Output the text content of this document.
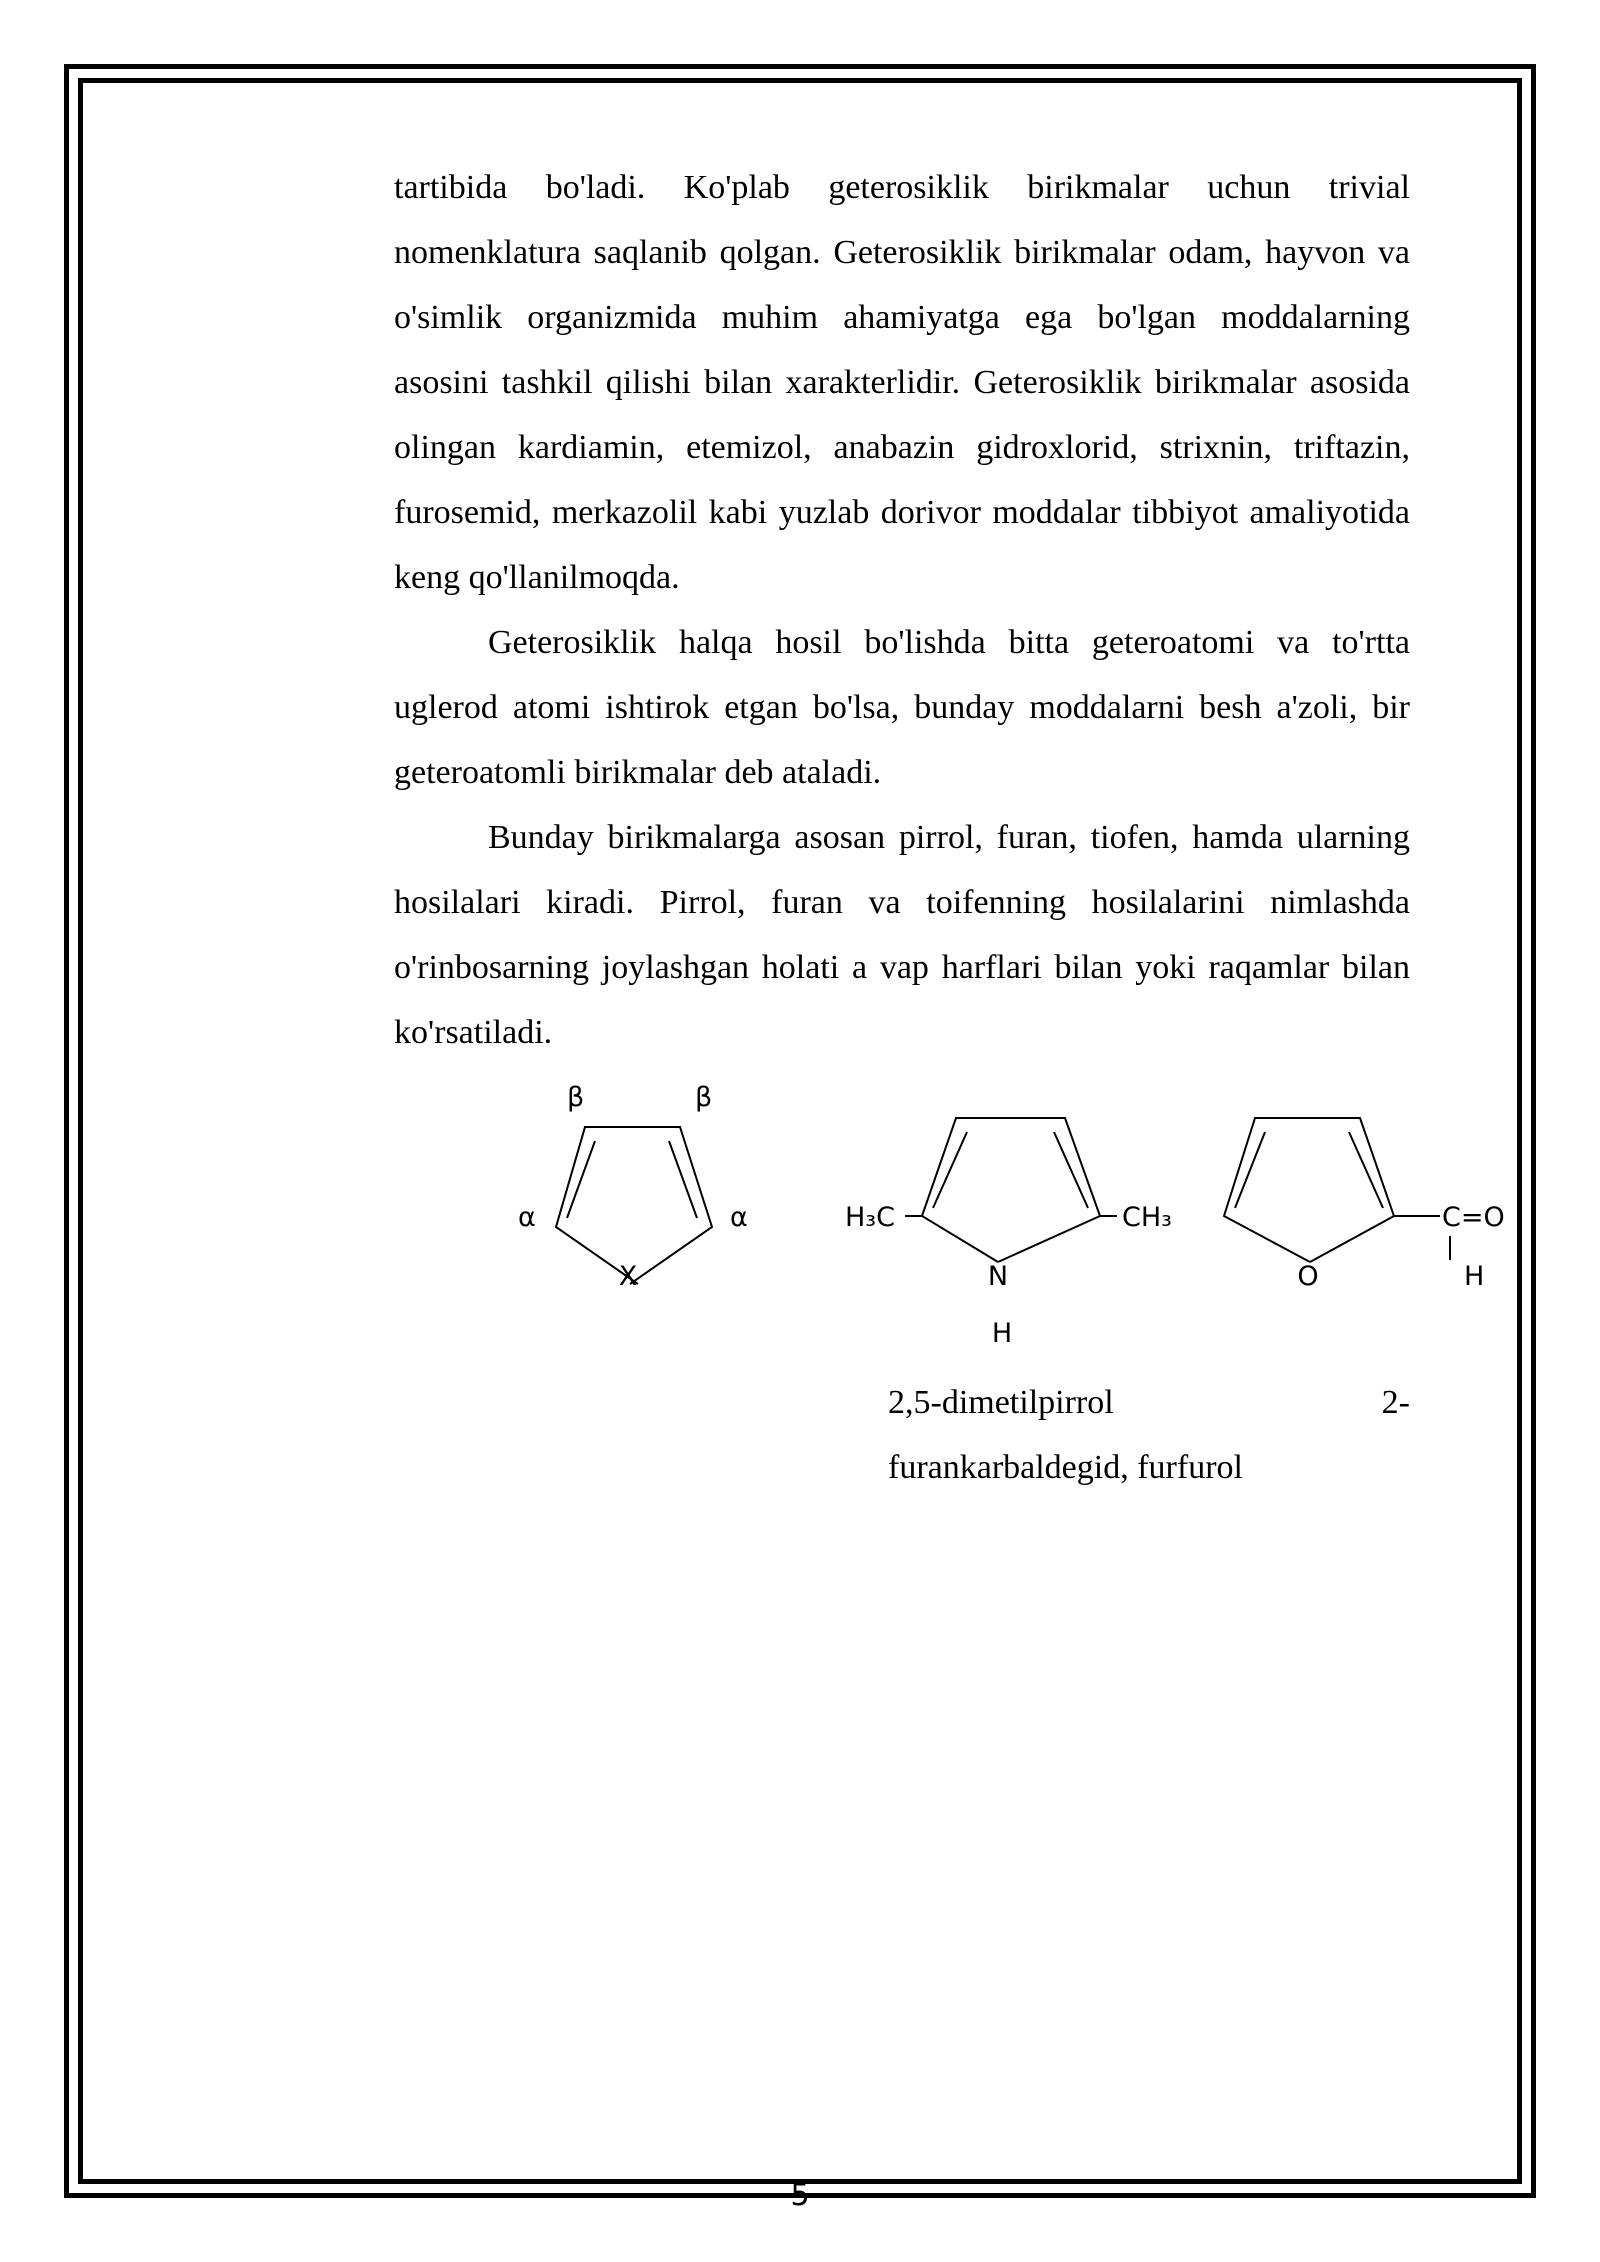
tartibida bo'ladi. Ko'plab geterosiklik birikmalar uchun trivial nomenklatura saqlanib qolgan. Geterosiklik birikmalar odam, hayvon va o'simlik organizmida muhim ahamiyatga ega bo'lgan moddalarning asosini tashkil qilishi bilan xarakterlidir. Geterosiklik birikmalar asosida olingan kardiamin, etemizol, anabazin gidroxlorid, strixnin, triftazin, furosemid, merkazolil kabi yuzlab dorivor moddalar tibbiyot amaliyotida keng qo'llanilmoqda.

Geterosiklik halqa hosil bo'lishda bitta geteroatomi va to'rtta uglerod atomi ishtirok etgan bo'lsa, bunday moddalarni besh a'zoli, bir geteroatomli birikmalar deb ataladi.

Bunday birikmalarga asosan pirrol, furan, tiofen, hamda ularning hosilalari kiradi. Pirrol, furan va toifenning hosilalarini nimlashda o'rinbosarning joylashgan holati a vap harflari bilan yoki raqamlar bilan ko'rsatiladi.

β	β
α	α
X
H₃C	CH₃
N
H
O
C=O
H
2,5-dimetilpirrol	2-
furankarbaldegid, furfurol
5
